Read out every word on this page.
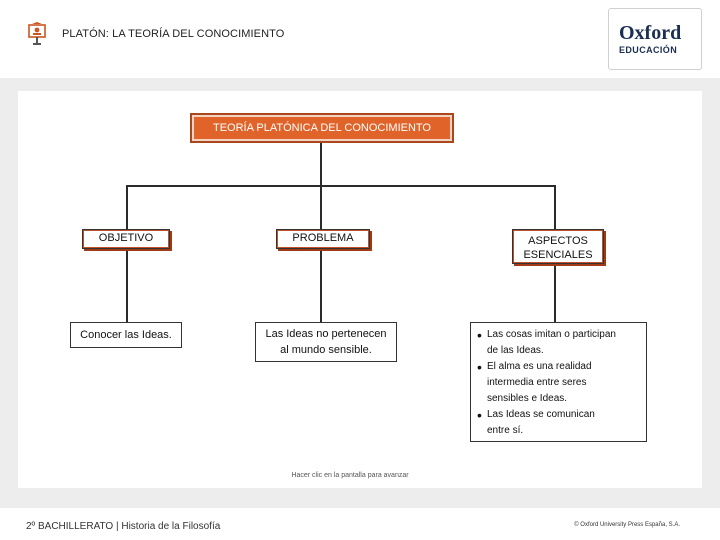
PLATÓN: LA TEORÍA DEL CONOCIMIENTO	Oxford
EDUCACIÓN
TEORÍA PLATÓNICA DEL CONOCIMIENTO
OBJETIVO
Conocer las Ideas.
PROBLEMA
Las Ideas no pertenecen
al mundo sensible.
ASPECTOS
ESENCIALES
• Las cosas imitan o participan
de las Ideas.
• El alma es una realidad
intermedia entre seres
sensibles e Ideas.
• Las Ideas se comunican
entre sí.
Hacer clic en la pantalla para avanzar
2º BACHILLERATO | Historia de la Filosofía	© Oxford University Press España, S.A.
